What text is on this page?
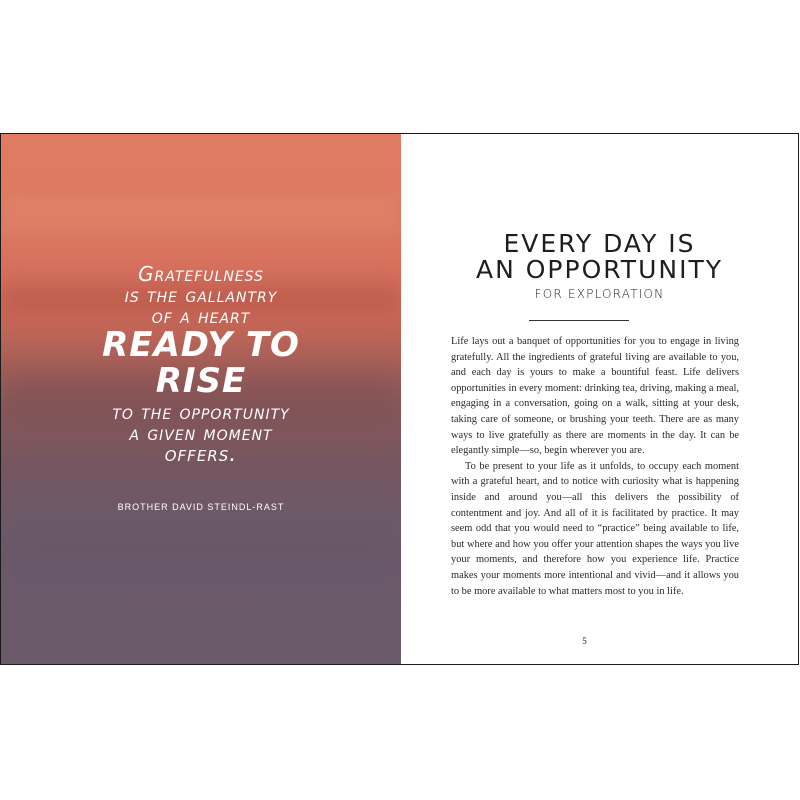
Gratefulness
is the gallantry
of a heart
READY TO
RISE
to the opportunity
a given moment
offers.
BROTHER DAVID STEINDL-RAST
EVERY DAY IS
AN OPPORTUNITY
FOR EXPLORATION

Life lays out a banquet of opportunities for you to engage in living gratefully. All the ingredients of grateful living are available to you, and each day is yours to make a bountiful feast. Life delivers opportunities in every moment: drinking tea, driving, making a meal, engaging in a conversation, going on a walk, sitting at your desk, taking care of someone, or brushing your teeth. There are as many ways to live gratefully as there are moments in the day. It can be elegantly simple—so, begin wherever you are.

To be present to your life as it unfolds, to occupy each moment with a grateful heart, and to notice with curiosity what is happening inside and around you—all this delivers the possibility of contentment and joy. And all of it is facilitated by practice. It may seem odd that you would need to “practice” being available to life, but where and how you offer your attention shapes the ways you live your moments, and therefore how you experience life. Practice makes your moments more intentional and vivid—and it allows you to be more available to what matters most to you in life.

5
